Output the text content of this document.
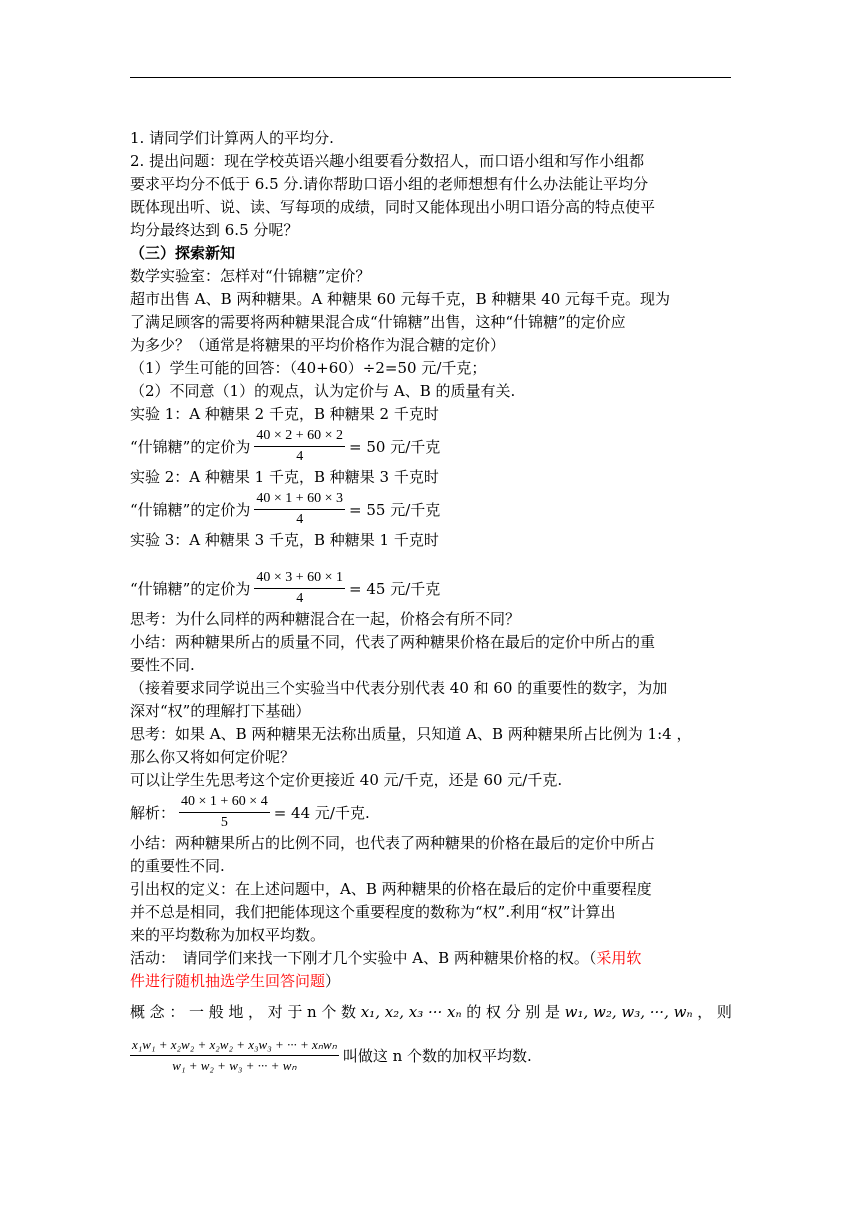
1. 请同学们计算两人的平均分.
2. 提出问题：现在学校英语兴趣小组要看分数招人，而口语小组和写作小组都
要求平均分不低于 6.5 分.请你帮助口语小组的老师想想有什么办法能让平均分
既体现出听、说、读、写每项的成绩，同时又能体现出小明口语分高的特点使平
均分最终达到 6.5 分呢？
（三）探索新知
数学实验室：怎样对“什锦糖”定价？
超市出售 A、B 两种糖果。A 种糖果 60 元每千克，B 种糖果 40 元每千克。现为
了满足顾客的需要将两种糖果混合成“什锦糖”出售，这种“什锦糖”的定价应
为多少？（通常是将糖果的平均价格作为混合糖的定价）
（1）学生可能的回答：（40+60）÷2=50 元/千克；
（2）不同意（1）的观点，认为定价与 A、B 的质量有关.
实验 1：A 种糖果 2 千克，B 种糖果 2 千克时
“什锦糖”的定价为 $\frac{40 \times 2 + 60 \times 2}{4} = 50$ 元/千克
实验 2：A 种糖果 1 千克，B 种糖果 3 千克时
“什锦糖”的定价为 $\frac{40 \times 1 + 60 \times 3}{4} = 55$ 元/千克
实验 3：A 种糖果 3 千克，B 种糖果 1 千克时
“什锦糖”的定价为 $\frac{40 \times 3 + 60 \times 1}{4} = 45$ 元/千克
思考：为什么同样的两种糖混合在一起，价格会有所不同？
小结：两种糖果所占的质量不同，代表了两种糖果价格在最后的定价中所占的重
要性不同.
（接着要求同学说出三个实验当中代表分别代表 40 和 60 的重要性的数字，为加
深对“权”的理解打下基础）
思考：如果 A、B 两种糖果无法称出质量，只知道 A、B 两种糖果所占比例为 1:4 ，
那么你又将如何定价呢？
可以让学生先思考这个定价更接近 40 元/千克，还是 60 元/千克.
解析： $\frac{40 \times 1 + 60 \times 4}{5} = 44$ 元/千克.
小结：两种糖果所占的比例不同，也代表了两种糖果的价格在最后的定价中所占
的重要性不同.
引出权的定义：在上述问题中，A、B 两种糖果的价格在最后的定价中重要程度
并不总是相同，我们把能体现这个重要程度的数称为“权”.利用“权”计算出
来的平均数称为加权平均数。
活动：　请同学们来找一下刚才几个实验中 A、B 两种糖果价格的权。（采用软
件进行随机抽选学生回答问题）
概 念 ： 一 般 地 ， 对 于 n 个 数 x₁, x₂, x₃ ··· xₙ 的 权 分 别 是 w₁, w₂, w₃, ···, wₙ ， 则
$\frac{\text{x₁w₁ + x₂w₂ + x₂w₂ + x₃w₃ + ··· + xₙwₙ}}{\text{w₁ + w₂ + w₃ + ··· + wₙ}}$ 叫做这 n 个数的加权平均数.
